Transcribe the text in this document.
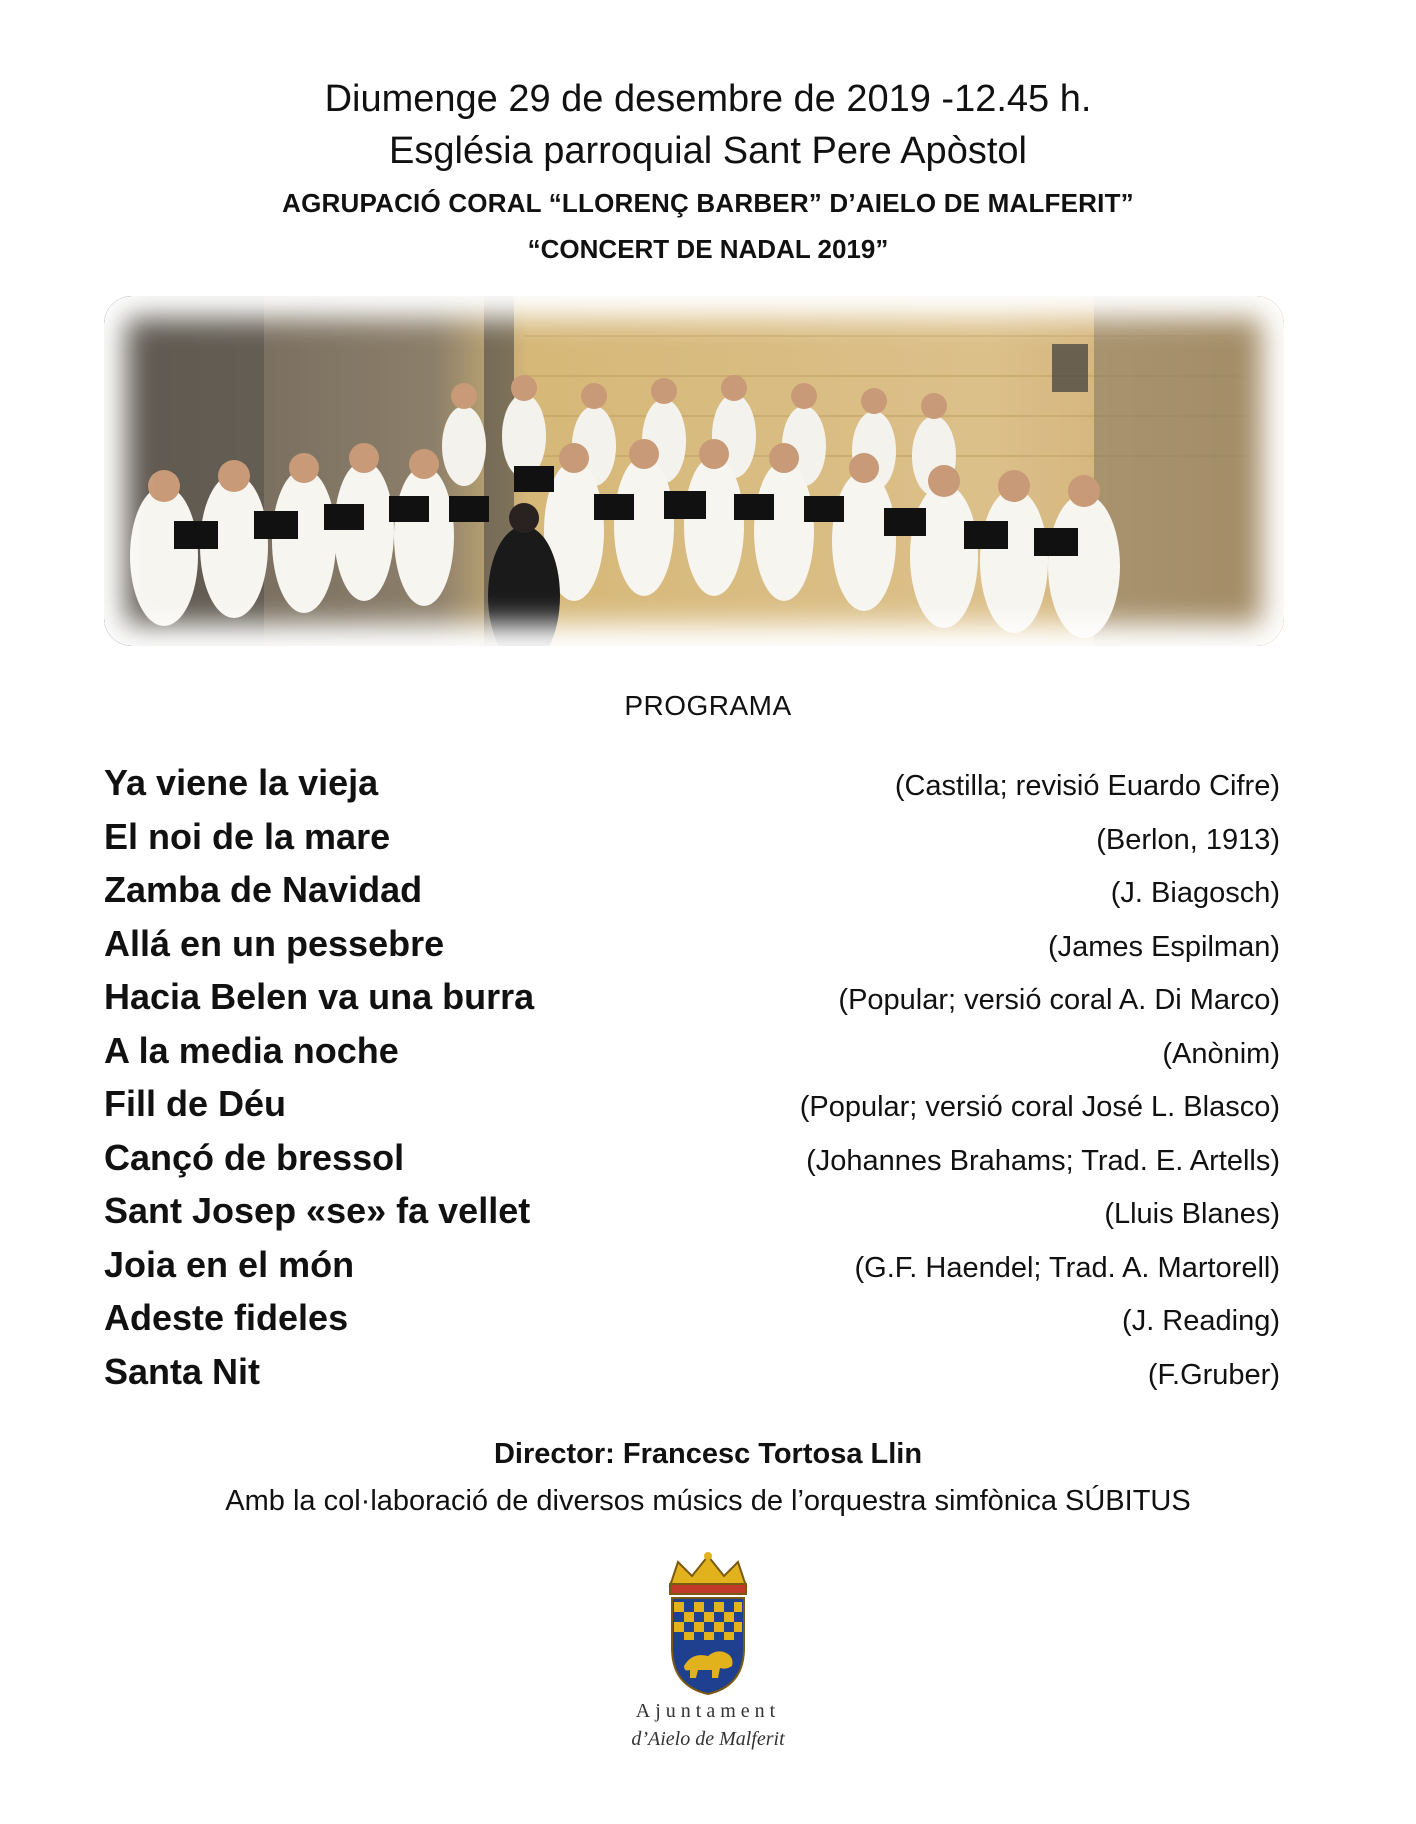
Diumenge 29 de desembre de 2019 -12.45 h.
Església parroquial Sant Pere Apòstol
AGRUPACIÓ CORAL “LLORENÇ BARBER” D’AIELO DE MALFERIT”
“CONCERT DE NADAL 2019”
PROGRAMA
Ya viene la vieja	(Castilla; revisió Euardo Cifre)
El noi de la mare	(Berlon, 1913)
Zamba de Navidad	(J. Biagosch)
Allá en un pessebre	(James Espilman)
Hacia Belen va una burra	(Popular; versió coral A. Di Marco)
A la media noche	(Anònim)
Fill de Déu	(Popular; versió coral José L. Blasco)
Cançó de bressol	(Johannes Brahams; Trad. E. Artells)
Sant Josep «se» fa vellet	(Lluis Blanes)
Joia en el món	(G.F. Haendel; Trad. A. Martorell)
Adeste fideles	(J. Reading)
Santa Nit	(F.Gruber)
Director: Francesc Tortosa Llin
Amb la col·laboració de diversos músics de l’orquestra simfònica SÚBITUS
Ajuntament
d’Aielo de Malferit
